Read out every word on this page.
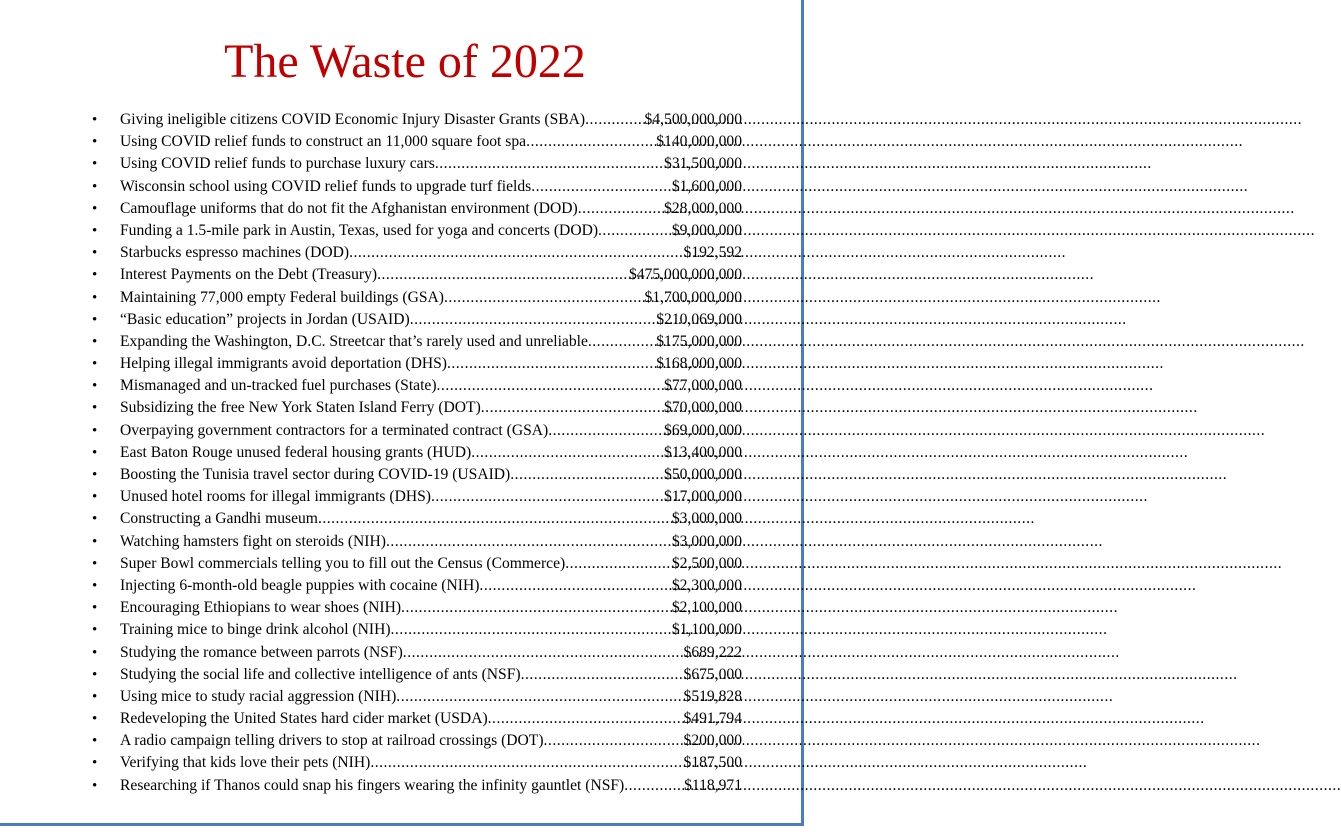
The Waste of 2022
•	Giving ineligible citizens COVID Economic Injury Disaster Grants (SBA) .....	$4,500,000,000
•	Using COVID relief funds to construct an 11,000 square foot spa .....	$140,000,000
•	Using COVID relief funds to purchase luxury cars .....	$31,500,000
•	Wisconsin school using COVID relief funds to upgrade turf fields .....	$1,600,000
•	Camouflage uniforms that do not fit the Afghanistan environment (DOD) .....	$28,000,000
•	Funding a 1.5-mile park in Austin, Texas, used for yoga and concerts (DOD) .....	$9,000,000
•	Starbucks espresso machines (DOD) .....	$192,592
•	Interest Payments on the Debt (Treasury) .....	$475,000,000,000
•	Maintaining 77,000 empty Federal buildings (GSA) .....	$1,700,000,000
•	“Basic education” projects in Jordan (USAID) .....	$210,069,000
•	Expanding the Washington, D.C. Streetcar that’s rarely used and unreliable .....	$175,000,000
•	Helping illegal immigrants avoid deportation (DHS) .....	$168,000,000
•	Mismanaged and un-tracked fuel purchases (State) .....	$77,000,000
•	Subsidizing the free New York Staten Island Ferry (DOT) .....	$70,000,000
•	Overpaying government contractors for a terminated contract (GSA) .....	$69,000,000
•	East Baton Rouge unused federal housing grants (HUD) .....	$13,400,000
•	Boosting the Tunisia travel sector during COVID-19 (USAID) .....	$50,000,000
•	Unused hotel rooms for illegal immigrants (DHS) .....	$17,000,000
•	Constructing a Gandhi museum .....	$3,000,000
•	Watching hamsters fight on steroids (NIH) .....	$3,000,000
•	Super Bowl commercials telling you to fill out the Census (Commerce) .....	$2,500,000
•	Injecting 6-month-old beagle puppies with cocaine (NIH) .....	$2,300,000
•	Encouraging Ethiopians to wear shoes (NIH) .....	$2,100,000
•	Training mice to binge drink alcohol (NIH) .....	$1,100,000
•	Studying the romance between parrots (NSF) .....	$689,222
•	Studying the social life and collective intelligence of ants (NSF) .....	$675,000
•	Using mice to study racial aggression (NIH) .....	$519,828
•	Redeveloping the United States hard cider market (USDA) .....	$491,794
•	A radio campaign telling drivers to stop at railroad crossings (DOT) .....	$200,000
•	Verifying that kids love their pets (NIH) .....	$187,500
•	Researching if Thanos could snap his fingers wearing the infinity gauntlet (NSF) .....	$118,971
